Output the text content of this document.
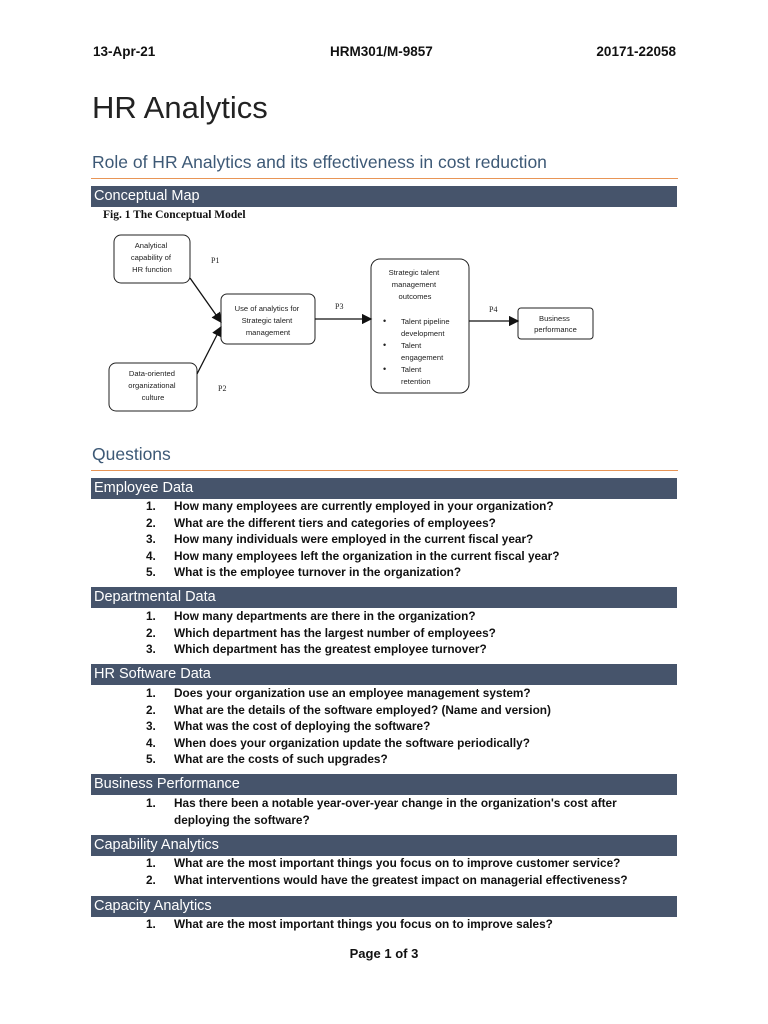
13-Apr-21	HRM301/M-9857	20171-22058
HR Analytics
Role of HR Analytics and its effectiveness in cost reduction
Conceptual Map
Fig. 1 The Conceptual Model
Analytical capability of HR function
Data-oriented organizational culture
Use of analytics for Strategic talent management
Strategic talent management outcomes
• Talent pipeline
development
• Talent
engagement
• Talent
retention
Business performance
P1
P2
P3	P4
Questions
Employee Data
1.	How many employees are currently employed in your organization?
2.	What are the different tiers and categories of employees?
3.	How many individuals were employed in the current fiscal year?
4.	How many employees left the organization in the current fiscal year?
5.	What is the employee turnover in the organization?
Departmental Data
1.	How many departments are there in the organization?
2.	Which department has the largest number of employees?
3.	Which department has the greatest employee turnover?
HR Software Data
1.	Does your organization use an employee management system?
2.	What are the details of the software employed? (Name and version)
3.	What was the cost of deploying the software?
4.	When does your organization update the software periodically?
5.	What are the costs of such upgrades?
Business Performance
1.	Has there been a notable year-over-year change in the organization's cost after deploying the software?
Capability Analytics
1.	What are the most important things you focus on to improve customer service?
2.	What interventions would have the greatest impact on managerial effectiveness?
Capacity Analytics
1.	What are the most important things you focus on to improve sales?
Page 1 of 3
